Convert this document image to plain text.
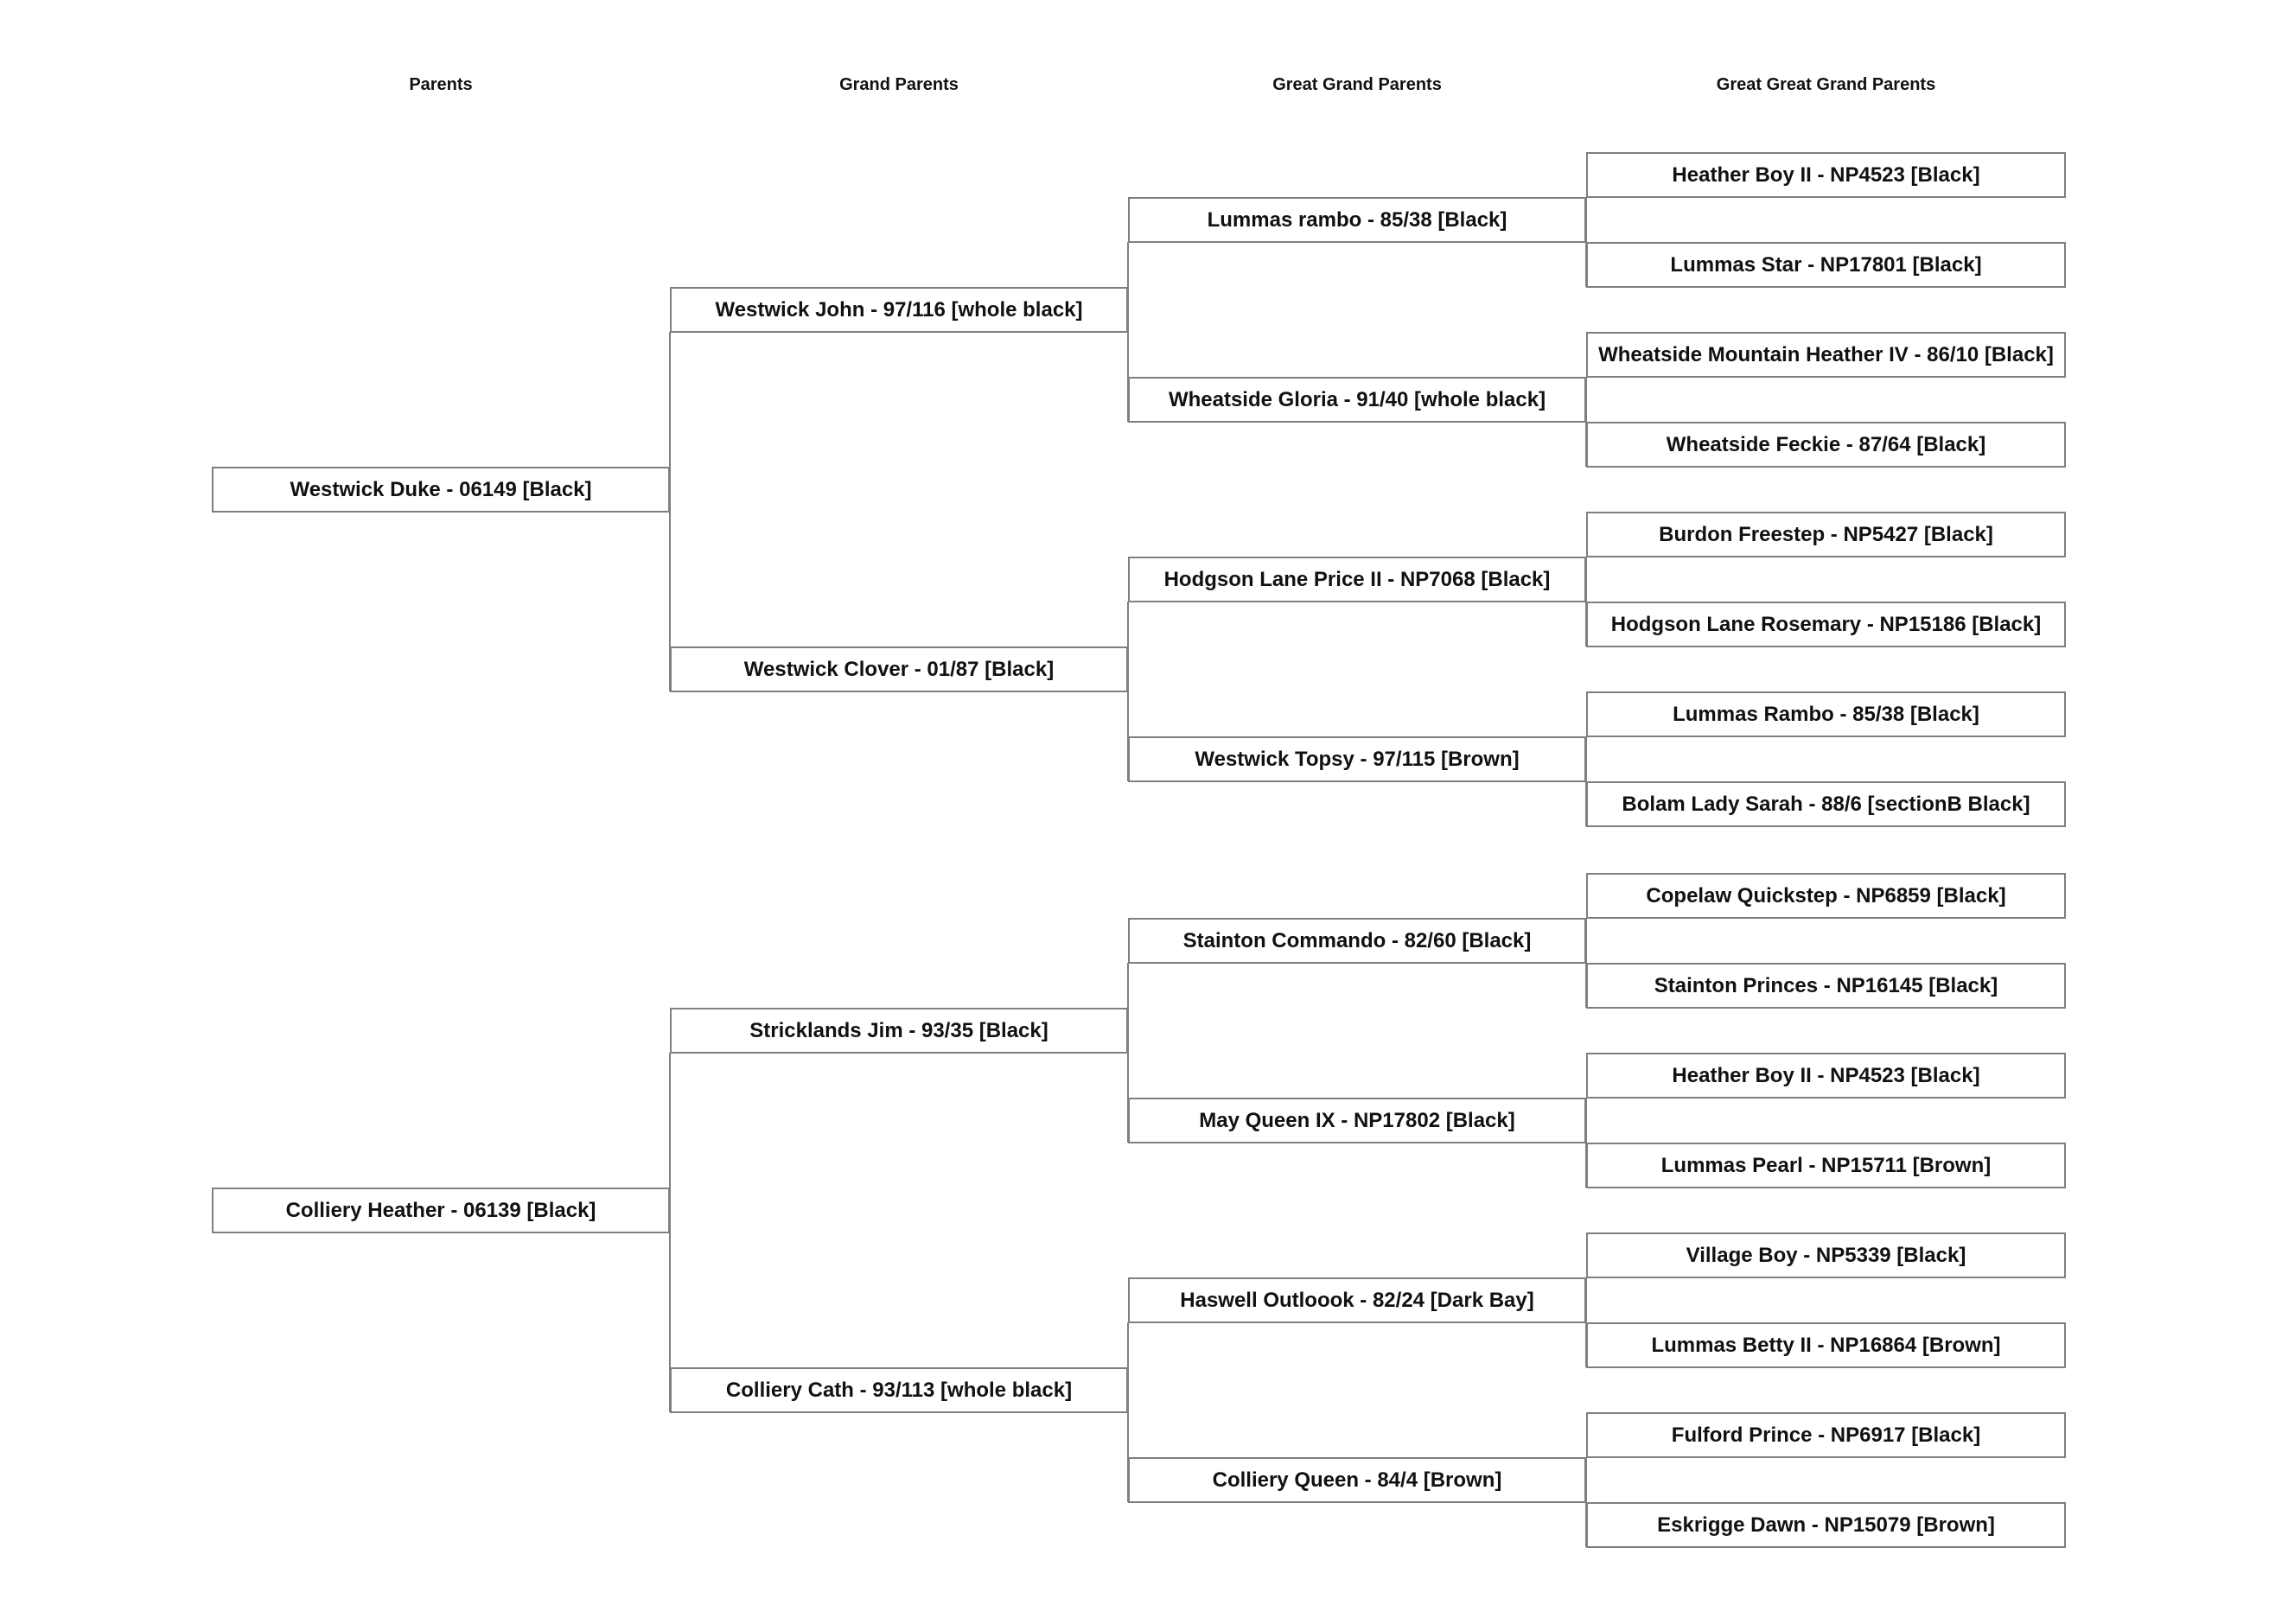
Parents	Grand Parents	Great Grand Parents	Great Great Grand Parents
Westwick Duke - 06149 [Black]
Colliery Heather - 06139 [Black]
Westwick John - 97/116 [whole black]
Westwick Clover - 01/87 [Black]
Stricklands Jim - 93/35 [Black]
Colliery Cath - 93/113 [whole black]
Lummas rambo - 85/38 [Black]
Wheatside Gloria - 91/40 [whole black]
Hodgson Lane Price II - NP7068 [Black]
Westwick Topsy - 97/115 [Brown]
Stainton Commando - 82/60 [Black]
May Queen IX - NP17802 [Black]
Haswell Outloook - 82/24 [Dark Bay]
Colliery Queen - 84/4 [Brown]
Heather Boy II - NP4523 [Black]
Lummas Star - NP17801 [Black]
Wheatside Mountain Heather IV - 86/10 [Black]
Wheatside Feckie - 87/64 [Black]
Burdon Freestep - NP5427 [Black]
Hodgson Lane Rosemary - NP15186 [Black]
Lummas Rambo - 85/38 [Black]
Bolam Lady Sarah - 88/6 [sectionB Black]
Copelaw Quickstep - NP6859 [Black]
Stainton Princes - NP16145 [Black]
Heather Boy II - NP4523 [Black]
Lummas Pearl - NP15711 [Brown]
Village Boy - NP5339 [Black]
Lummas Betty II - NP16864 [Brown]
Fulford Prince - NP6917 [Black]
Eskrigge Dawn - NP15079 [Brown]
